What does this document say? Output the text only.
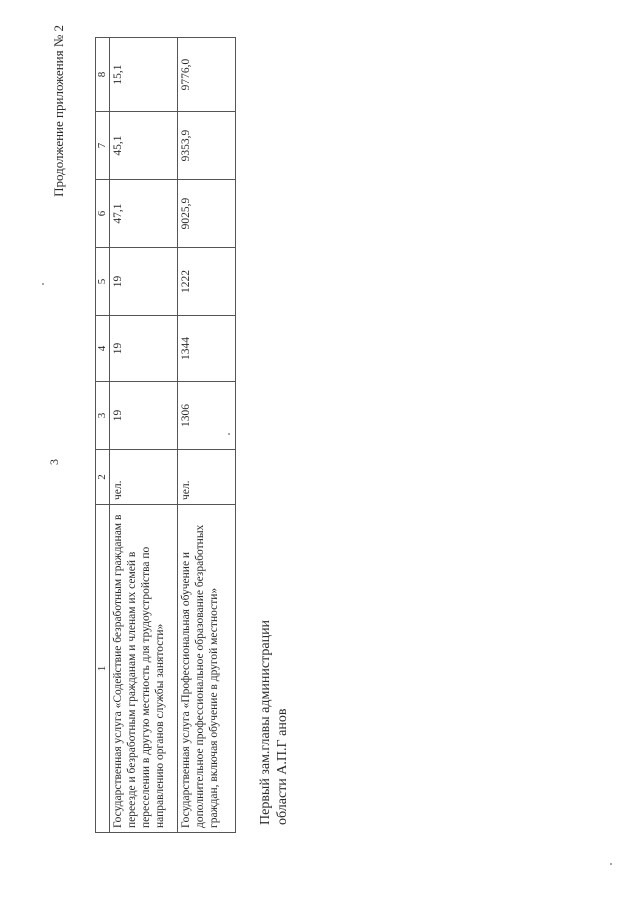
3
Продолжение приложения № 2
1	2	3	4	5	6	7	8
Государственная услуга «Содействие безработным гражданам в переезде и безработным гражданам и членам их семей в переселении в другую местность для трудоустройства по направлению органов службы занятости»	чел.	19	19	19	47,1	45,1	15,1
Государственная услуга «Профессиональная обучение и дополнительное профессиональное образование безработных граждан, включая обучение в другой местности»	чел.	1306	1344	1222	9025,9	9353,9	9776,0
Первый зам.главы администрации области А.П.Г анов
